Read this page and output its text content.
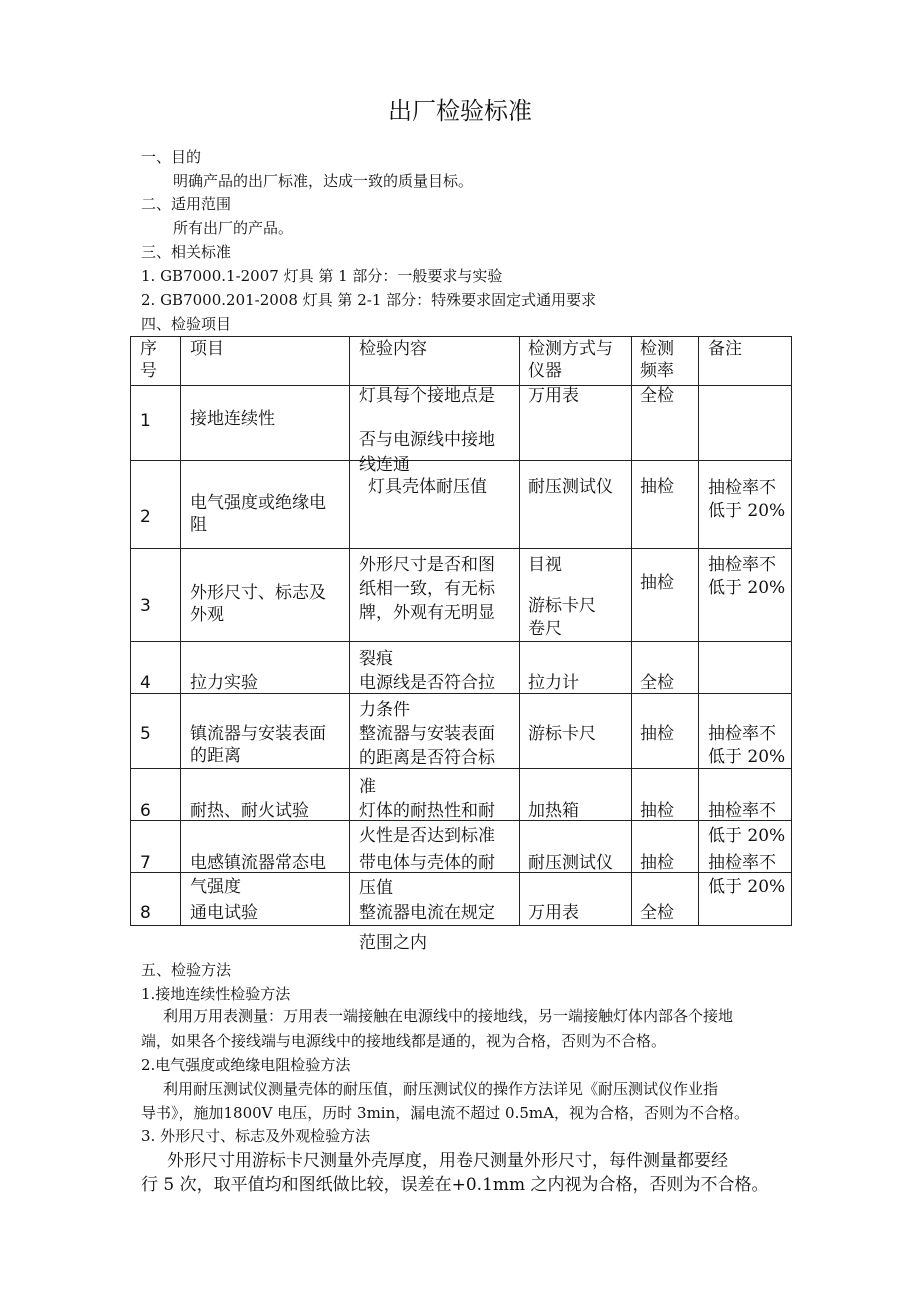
出厂检验标准
一、目的
明确产品的出厂标准，达成一致的质量目标。
二、适用范围
所有出厂的产品。
三、相关标准
1. GB7000.1-2007 灯具 第 1 部分：一般要求与实验
2. GB7000.201-2008 灯具 第 2-1 部分：特殊要求固定式通用要求
四、检验项目
序
号
项目	检验内容	检测方式与
仪器
检测
频率
备注
1
2
3
4
5
6
7
8
接地连续性
电气强度或绝缘电
阻
外形尺寸、标志及
外观
拉力实验
镇流器与安装表面
的距离
耐热、耐火试验
电感镇流器常态电
气强度
通电试验
灯具每个接地点是
否与电源线中接地
线连通
灯具壳体耐压值
外形尺寸是否和图
纸相一致，有无标
牌，外观有无明显
裂痕
电源线是否符合拉
力条件
整流器与安装表面
的距离是否符合标
准
灯体的耐热性和耐
火性是否达到标准
带电体与壳体的耐
压值
整流器电流在规定
万用表
耐压测试仪
目视
游标卡尺
卷尺
拉力计
游标卡尺
加热箱
耐压测试仪
万用表
全检
抽检
抽检
全检
抽检
抽检
抽检
全检
抽检率不
低于 20%
抽检率不
低于 20%
抽检率不
低于 20%
抽检率不
低于 20%
抽检率不
低于 20%
范围之内
五、检验方法
1.接地连续性检验方法
利用万用表测量：万用表一端接触在电源线中的接地线，另一端接触灯体内部各个接地
端，如果各个接线端与电源线中的接地线都是通的，视为合格，否则为不合格。
2.电气强度或绝缘电阻检验方法
利用耐压测试仪测量壳体的耐压值，耐压测试仪的操作方法详见《耐压测试仪作业指
导书》，施加1800V 电压，历时 3min，漏电流不超过 0.5mA，视为合格，否则为不合格。
3. 外形尺寸、标志及外观检验方法
外形尺寸用游标卡尺测量外壳厚度，用卷尺测量外形尺寸，每件测量都要经
行 5 次，取平值均和图纸做比较，误差在+0.1mm 之内视为合格，否则为不合格。
